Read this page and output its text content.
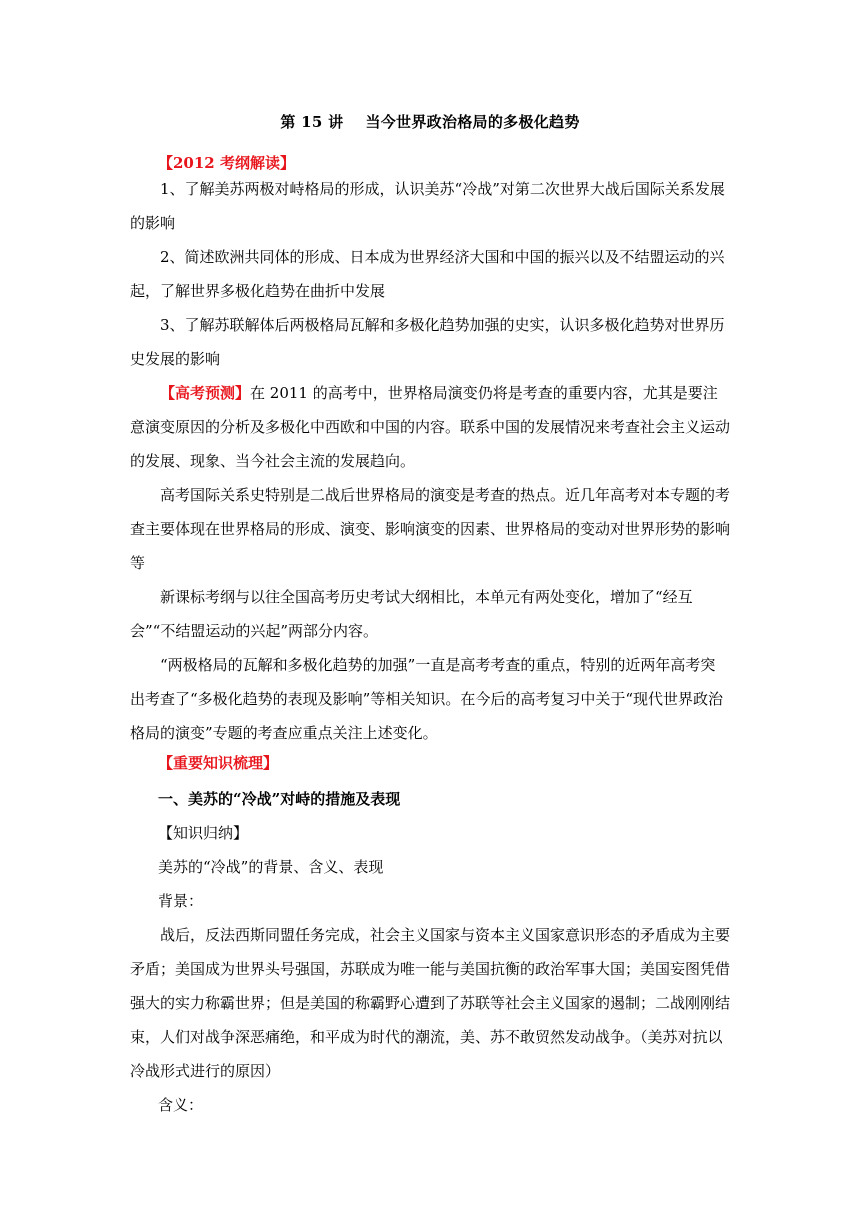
第 15 讲 当今世界政治格局的多极化趋势
【2012 考纲解读】

1、了解美苏两极对峙格局的形成，认识美苏“冷战”对第二次世界大战后国际关系发展的影响

2、简述欧洲共同体的形成、日本成为世界经济大国和中国的振兴以及不结盟运动的兴起，了解世界多极化趋势在曲折中发展

3、了解苏联解体后两极格局瓦解和多极化趋势加强的史实，认识多极化趋势对世界历史发展的影响

【高考预测】在 2011 的高考中，世界格局演变仍将是考查的重要内容，尤其是要注意演变原因的分析及多极化中西欧和中国的内容。联系中国的发展情况来考查社会主义运动的发展、现象、当今社会主流的发展趋向。

高考国际关系史特别是二战后世界格局的演变是考查的热点。近几年高考对本专题的考查主要体现在世界格局的形成、演变、影响演变的因素、世界格局的变动对世界形势的影响等

新课标考纲与以往全国高考历史考试大纲相比，本单元有两处变化，增加了“经互会”“不结盟运动的兴起”两部分内容。

“两极格局的瓦解和多极化趋势的加强”一直是高考考查的重点，特别的近两年高考突出考查了“多极化趋势的表现及影响”等相关知识。在今后的高考复习中关于“现代世界政治格局的演变”专题的考查应重点关注上述变化。

【重要知识梳理】
一、美苏的“冷战”对峙的措施及表现
【知识归纳】
美苏的“冷战”的背景、含义、表现
背景：

战后，反法西斯同盟任务完成，社会主义国家与资本主义国家意识形态的矛盾成为主要矛盾；美国成为世界头号强国，苏联成为唯一能与美国抗衡的政治军事大国；美国妄图凭借强大的实力称霸世界；但是美国的称霸野心遭到了苏联等社会主义国家的遏制；二战刚刚结束，人们对战争深恶痛绝，和平成为时代的潮流，美、苏不敢贸然发动战争。（美苏对抗以冷战形式进行的原因）

含义：
